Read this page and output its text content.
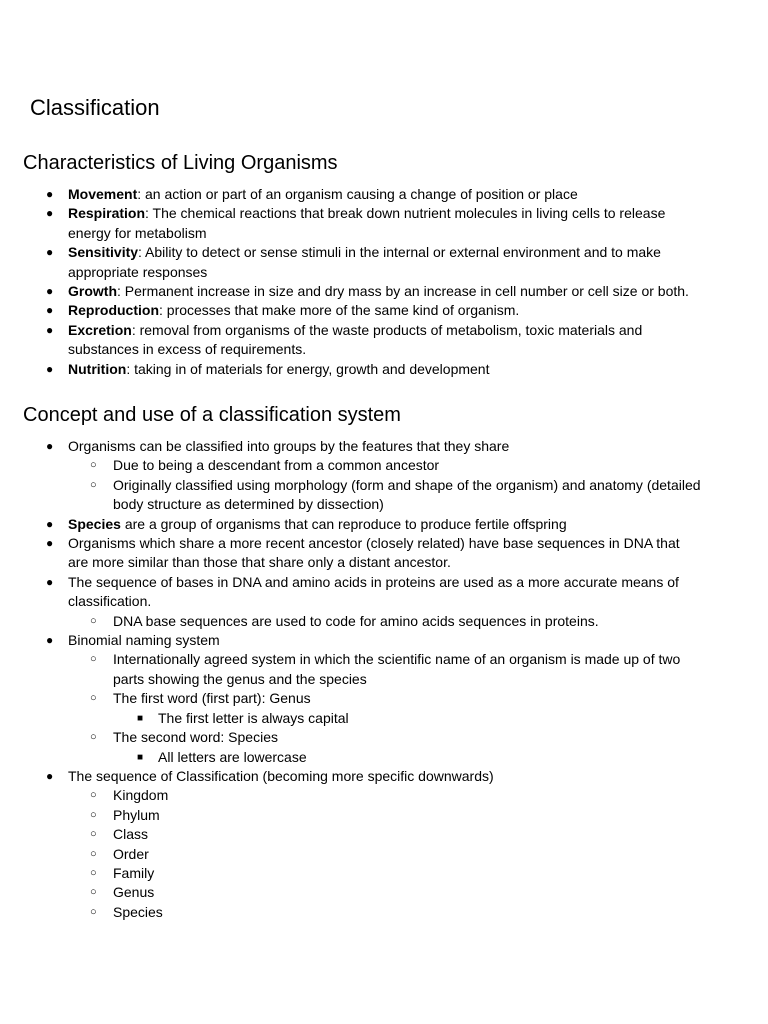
Classification
Characteristics of Living Organisms
● Movement: an action or part of an organism causing a change of position or place
● Respiration: The chemical reactions that break down nutrient molecules in living cells to release energy for metabolism
● Sensitivity: Ability to detect or sense stimuli in the internal or external environment and to make appropriate responses
● Growth: Permanent increase in size and dry mass by an increase in cell number or cell size or both.
● Reproduction: processes that make more of the same kind of organism.
● Excretion: removal from organisms of the waste products of metabolism, toxic materials and substances in excess of requirements.
● Nutrition: taking in of materials for energy, growth and development
Concept and use of a classification system
● Organisms can be classified into groups by the features that they share
○ Due to being a descendant from a common ancestor
○ Originally classified using morphology (form and shape of the organism) and anatomy (detailed body structure as determined by dissection)
● Species are a group of organisms that can reproduce to produce fertile offspring
● Organisms which share a more recent ancestor (closely related) have base sequences in DNA that are more similar than those that share only a distant ancestor.
● The sequence of bases in DNA and amino acids in proteins are used as a more accurate means of classification.
○ DNA base sequences are used to code for amino acids sequences in proteins.
● Binomial naming system
○ Internationally agreed system in which the scientific name of an organism is made up of two parts showing the genus and the species
○ The first word (first part): Genus
■ The first letter is always capital
○ The second word: Species
■ All letters are lowercase
● The sequence of Classification (becoming more specific downwards)
○ Kingdom
○ Phylum
○ Class
○ Order
○ Family
○ Genus
○ Species
